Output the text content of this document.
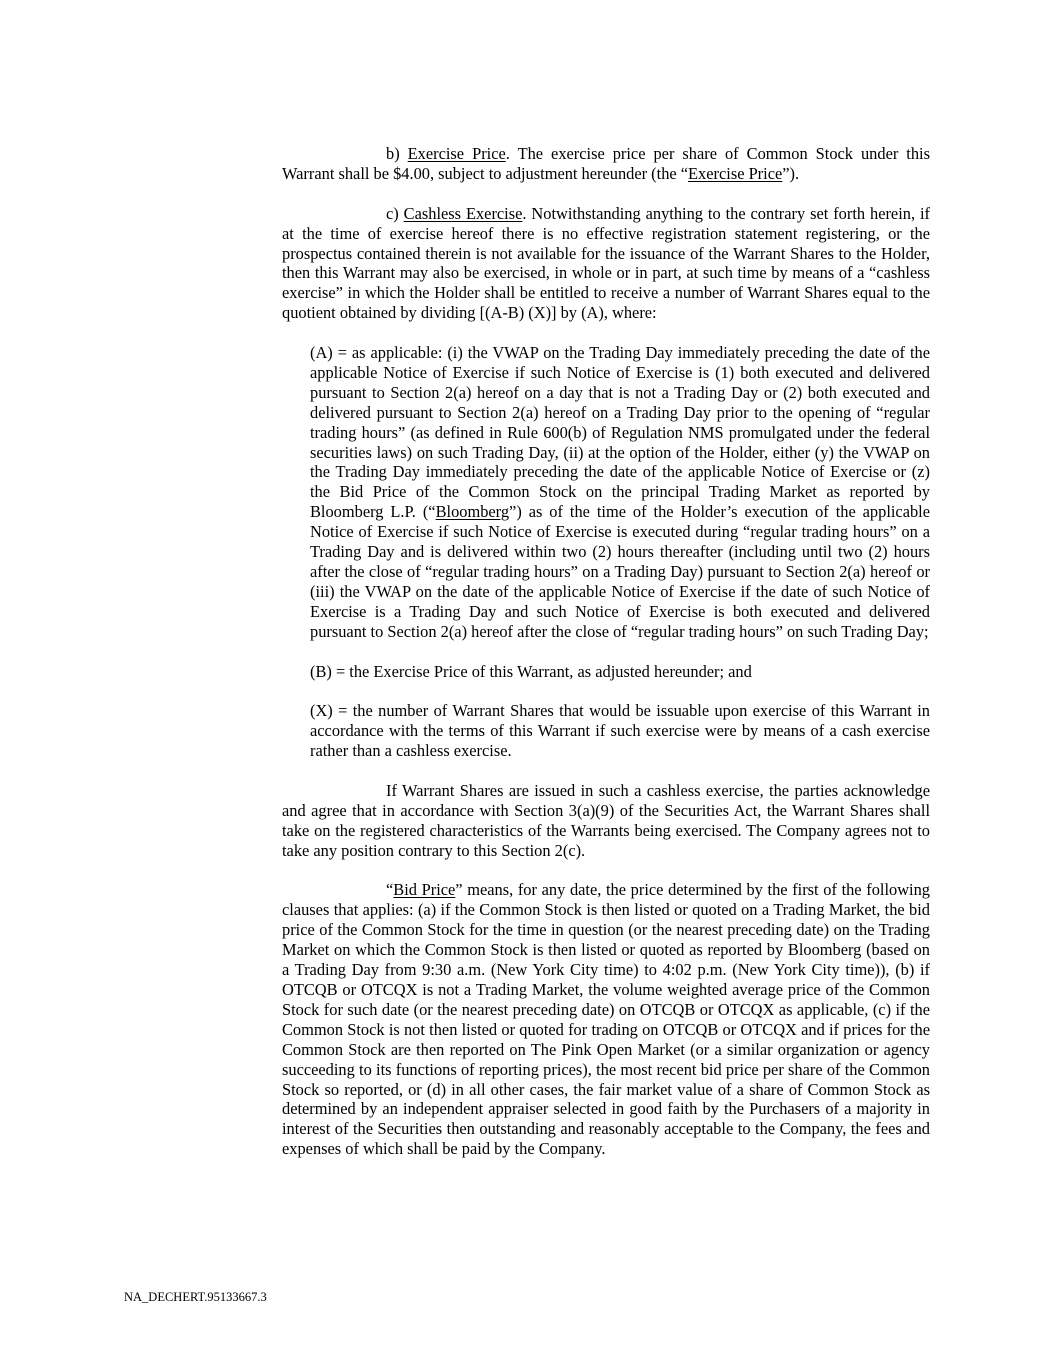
b) Exercise Price. The exercise price per share of Common Stock under this Warrant shall be $4.00, subject to adjustment hereunder (the “Exercise Price”).

c) Cashless Exercise. Notwithstanding anything to the contrary set forth herein, if at the time of exercise hereof there is no effective registration statement registering, or the prospectus contained therein is not available for the issuance of the Warrant Shares to the Holder, then this Warrant may also be exercised, in whole or in part, at such time by means of a “cashless exercise” in which the Holder shall be entitled to receive a number of Warrant Shares equal to the quotient obtained by dividing [(A-B) (X)] by (A), where:

(A) = as applicable: (i) the VWAP on the Trading Day immediately preceding the date of the applicable Notice of Exercise if such Notice of Exercise is (1) both executed and delivered pursuant to Section 2(a) hereof on a day that is not a Trading Day or (2) both executed and delivered pursuant to Section 2(a) hereof on a Trading Day prior to the opening of “regular trading hours” (as defined in Rule 600(b) of Regulation NMS promulgated under the federal securities laws) on such Trading Day, (ii) at the option of the Holder, either (y) the VWAP on the Trading Day immediately preceding the date of the applicable Notice of Exercise or (z) the Bid Price of the Common Stock on the principal Trading Market as reported by Bloomberg L.P. (“Bloomberg”) as of the time of the Holder’s execution of the applicable Notice of Exercise if such Notice of Exercise is executed during “regular trading hours” on a Trading Day and is delivered within two (2) hours thereafter (including until two (2) hours after the close of “regular trading hours” on a Trading Day) pursuant to Section 2(a) hereof or (iii) the VWAP on the date of the applicable Notice of Exercise if the date of such Notice of Exercise is a Trading Day and such Notice of Exercise is both executed and delivered pursuant to Section 2(a) hereof after the close of “regular trading hours” on such Trading Day;

(B) = the Exercise Price of this Warrant, as adjusted hereunder; and

(X) = the number of Warrant Shares that would be issuable upon exercise of this Warrant in accordance with the terms of this Warrant if such exercise were by means of a cash exercise rather than a cashless exercise.

If Warrant Shares are issued in such a cashless exercise, the parties acknowledge and agree that in accordance with Section 3(a)(9) of the Securities Act, the Warrant Shares shall take on the registered characteristics of the Warrants being exercised. The Company agrees not to take any position contrary to this Section 2(c).

“Bid Price” means, for any date, the price determined by the first of the following clauses that applies: (a) if the Common Stock is then listed or quoted on a Trading Market, the bid price of the Common Stock for the time in question (or the nearest preceding date) on the Trading Market on which the Common Stock is then listed or quoted as reported by Bloomberg (based on a Trading Day from 9:30 a.m. (New York City time) to 4:02 p.m. (New York City time)), (b) if OTCQB or OTCQX is not a Trading Market, the volume weighted average price of the Common Stock for such date (or the nearest preceding date) on OTCQB or OTCQX as applicable, (c) if the Common Stock is not then listed or quoted for trading on OTCQB or OTCQX and if prices for the Common Stock are then reported on The Pink Open Market (or a similar organization or agency succeeding to its functions of reporting prices), the most recent bid price per share of the Common Stock so reported, or (d) in all other cases, the fair market value of a share of Common Stock as determined by an independent appraiser selected in good faith by the Purchasers of a majority in interest of the Securities then outstanding and reasonably acceptable to the Company, the fees and expenses of which shall be paid by the Company.

NA_DECHERT.95133667.3
